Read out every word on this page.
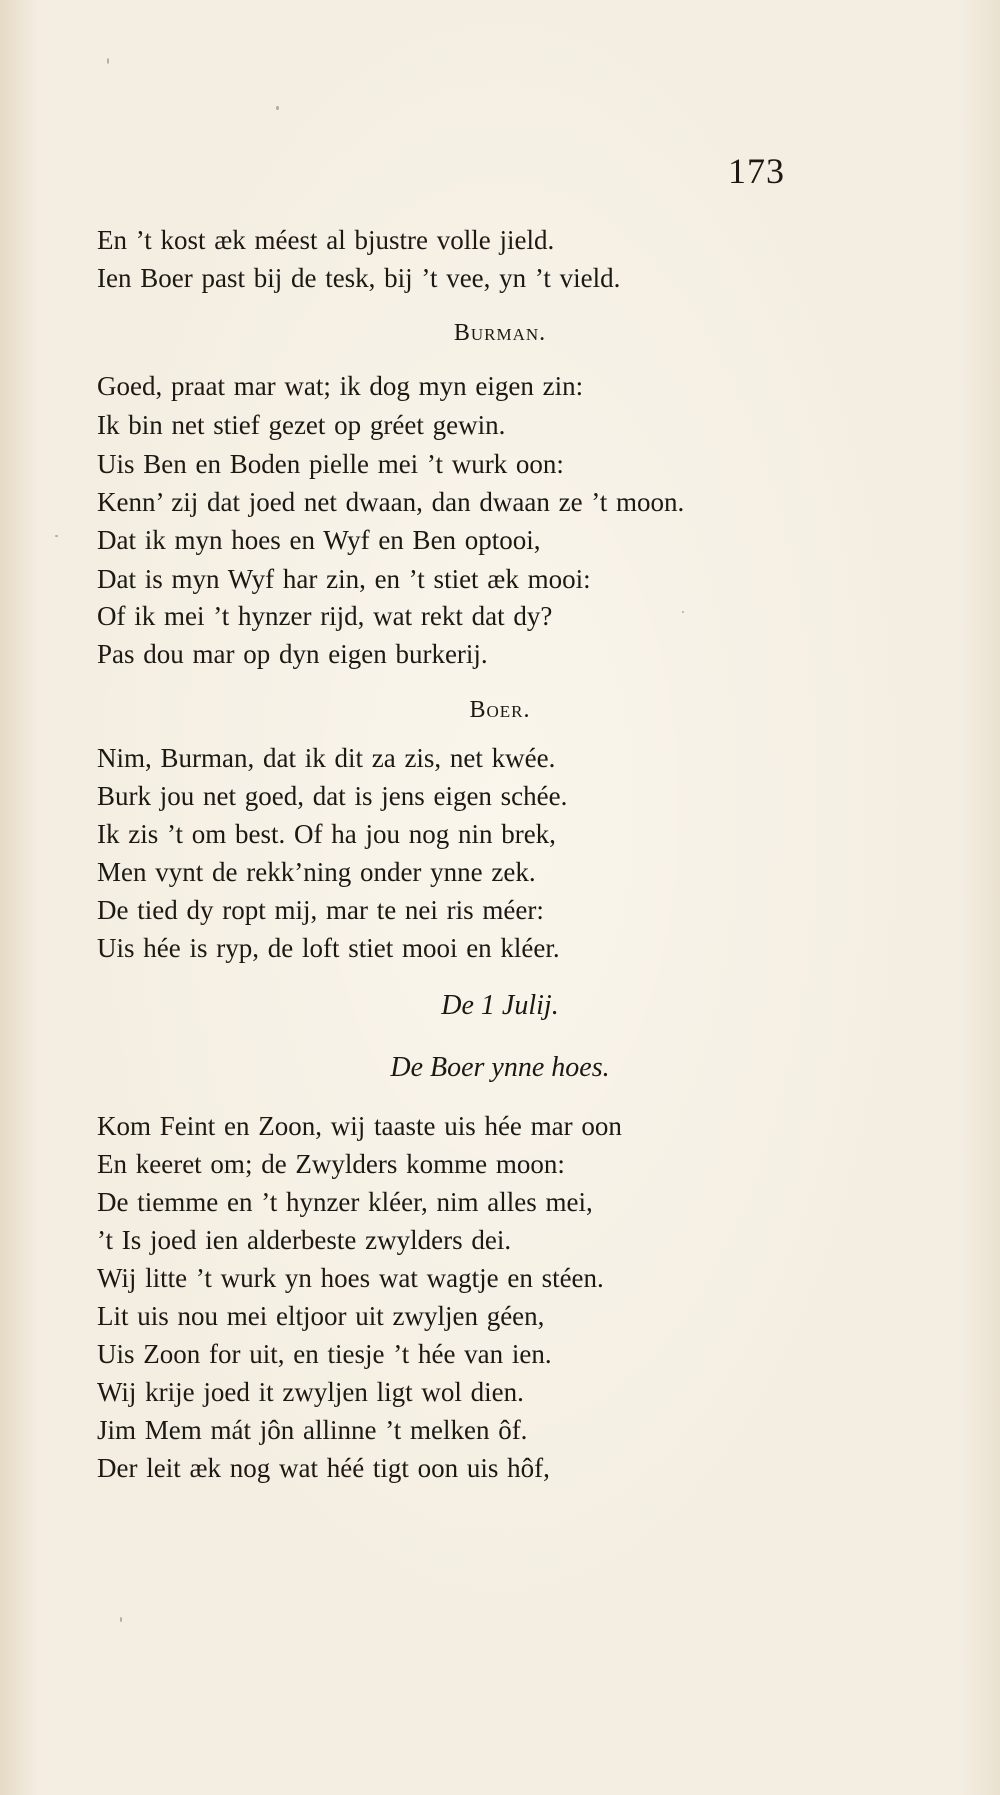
173
En ’t kost æk méest al bjustre volle jield.
Ien Boer past bij de tesk, bij ’t vee, yn ’t vield.
Burman.
Goed, praat mar wat; ik dog myn eigen zin:
Ik bin net stief gezet op gréet gewin.
Uis Ben en Boden pielle mei ’t wurk oon:
Kenn’ zij dat joed net dwaan, dan dwaan ze ’t moon.
Dat ik myn hoes en Wyf en Ben optooi,
Dat is myn Wyf har zin, en ’t stiet æk mooi:
Of ik mei ’t hynzer rijd, wat rekt dat dy?
Pas dou mar op dyn eigen burkerij.
Boer.
Nim, Burman, dat ik dit za zis, net kwée.
Burk jou net goed, dat is jens eigen schée.
Ik zis ’t om best. Of ha jou nog nin brek,
Men vynt de rekk’ning onder ynne zek.
De tied dy ropt mij, mar te nei ris méer:
Uis hée is ryp, de loft stiet mooi en kléer.
De 1 Julij.
De Boer ynne hoes.
Kom Feint en Zoon, wij taaste uis hée mar oon
En keeret om; de Zwylders komme moon:
De tiemme en ’t hynzer kléer, nim alles mei,
’t Is joed ien alderbeste zwylders dei.
Wij litte ’t wurk yn hoes wat wagtje en stéen.
Lit uis nou mei eltjoor uit zwyljen géen,
Uis Zoon for uit, en tiesje ’t hée van ien.
Wij krije joed it zwyljen ligt wol dien.
Jim Mem mát jôn allinne ’t melken ôf.
Der leit æk nog wat héé tigt oon uis hôf,
